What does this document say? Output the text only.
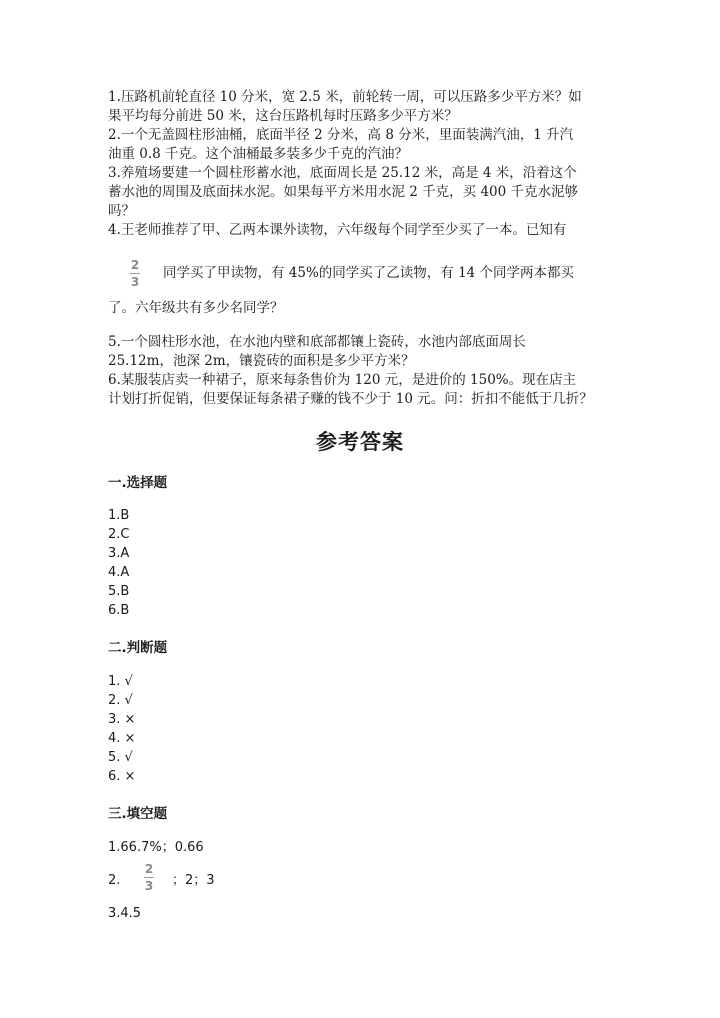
1.压路机前轮直径 10 分米，宽 2.5 米，前轮转一周，可以压路多少平方米？如
果平均每分前进 50 米，这台压路机每时压路多少平方米？
2.一个无盖圆柱形油桶，底面半径 2 分米，高 8 分米，里面装满汽油，1 升汽
油重 0.8 千克。这个油桶最多装多少千克的汽油？
3.养殖场要建一个圆柱形蓄水池，底面周长是 25.12 米，高是 4 米，沿着这个
蓄水池的周围及底面抹水泥。如果每平方米用水泥 2 千克，买 400 千克水泥够
吗？
4.王老师推荐了甲、乙两本课外读物，六年级每个同学至少买了一本。已知有
2
3
同学买了甲读物，有 45%的同学买了乙读物，有 14 个同学两本都买
了。六年级共有多少名同学？
5.一个圆柱形水池，在水池内壁和底部都镶上瓷砖，水池内部底面周长
25.12m，池深 2m，镶瓷砖的面积是多少平方米？
6.某服装店卖一种裙子，原来每条售价为 120 元，是进价的 150%。现在店主
计划打折促销，但要保证每条裙子赚的钱不少于 10 元。问：折扣不能低于几折？
参考答案
一.选择题
1.B
2.C
3.A
4.A
5.B
6.B
二.判断题
1. √
2. √
3. ×
4. ×
5. √
6. ×
三.填空题
1.66.7%；0.66
2.
2
3 ；2；3
3.4.5
